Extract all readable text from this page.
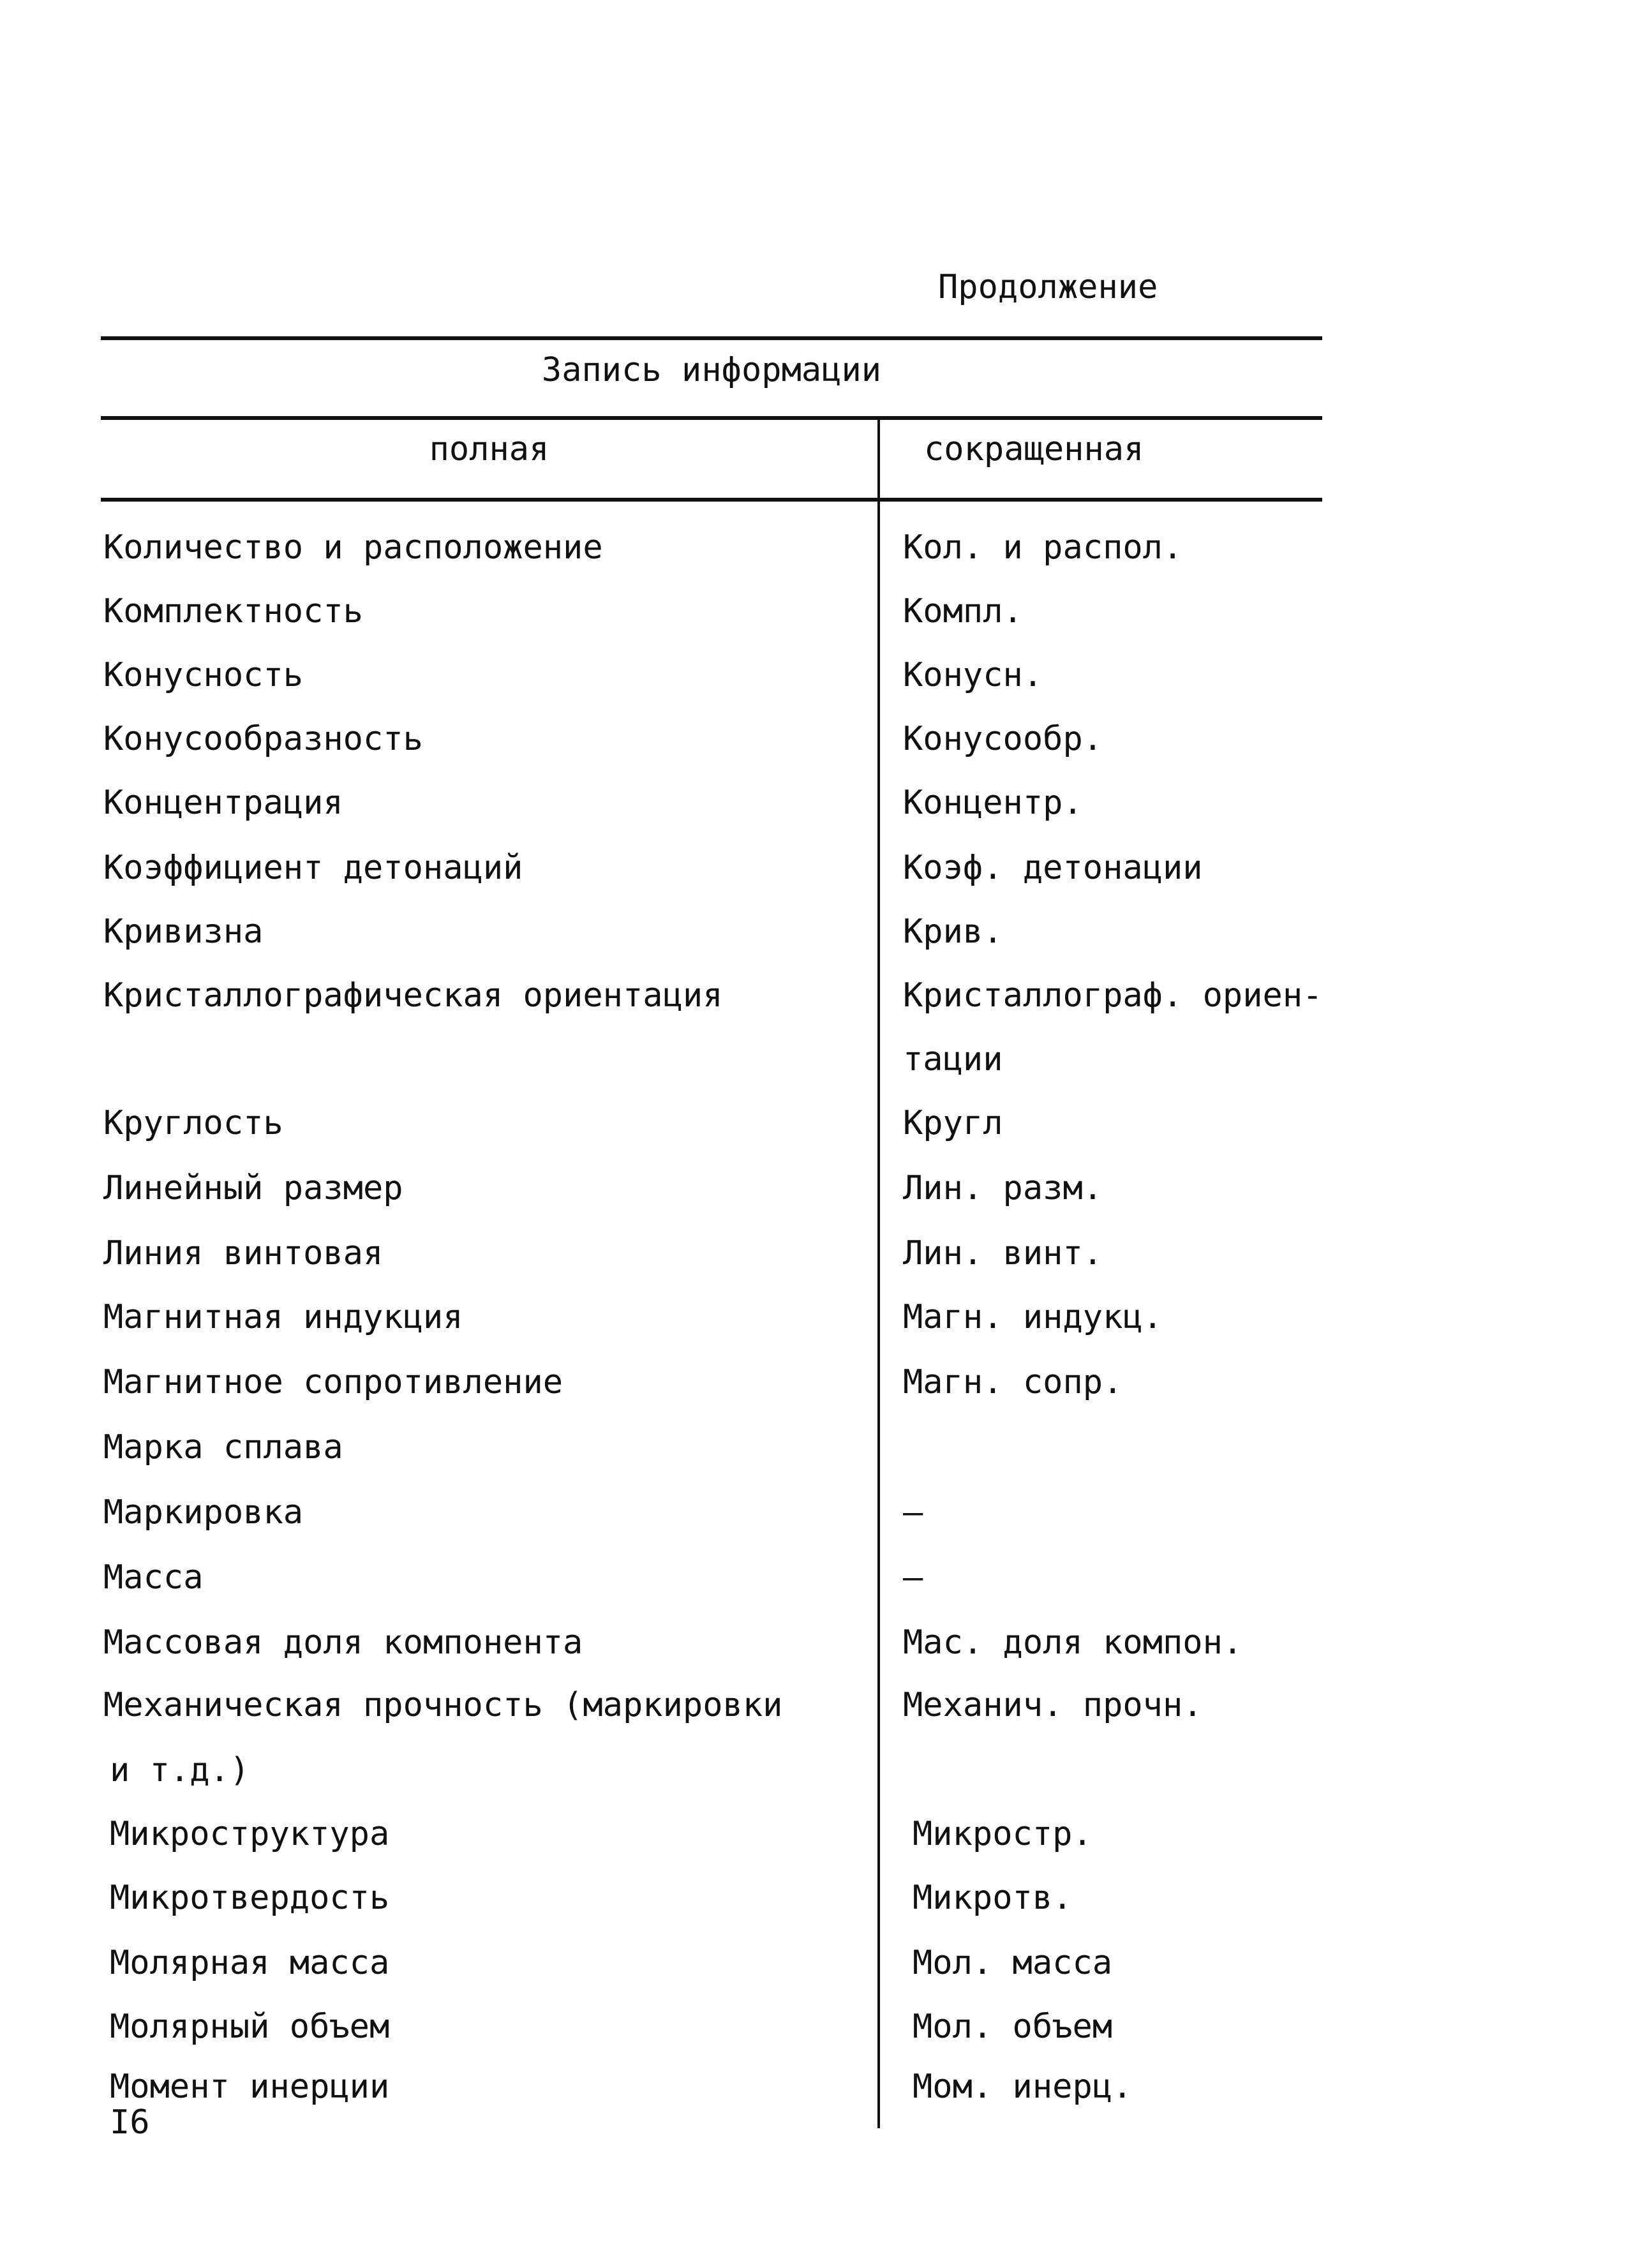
Продолжение
Запись информации
полная	сокращенная
Количество и расположение	Кол. и распол.
Комплектность	Компл.
Конусность	Конусн.
Конусообразность	Конусообр.
Концентрация	Концентр.
Коэффициент детонаций	Коэф. детонации
Кривизна	Крив.
Кристаллографическая ориентация	Кристаллограф. ориен-
тации
Круглость	Кругл
Линейный размер	Лин. разм.
Линия винтовая	Лин. винт.
Магнитная индукция	Магн. индукц.
Магнитное сопротивление	Магн. сопр.
Марка сплава
Маркировка	–
Масса	–
Массовая доля компонента	Мас. доля компон.
Механическая прочность (маркировки	Механич. прочн.
и т.д.)
Микроструктура	Микростр.
Микротвердость	Микротв.
Молярная масса	Мол. масса
Молярный объем	Мол. объем
Момент инерции	Мом. инерц.
I6
